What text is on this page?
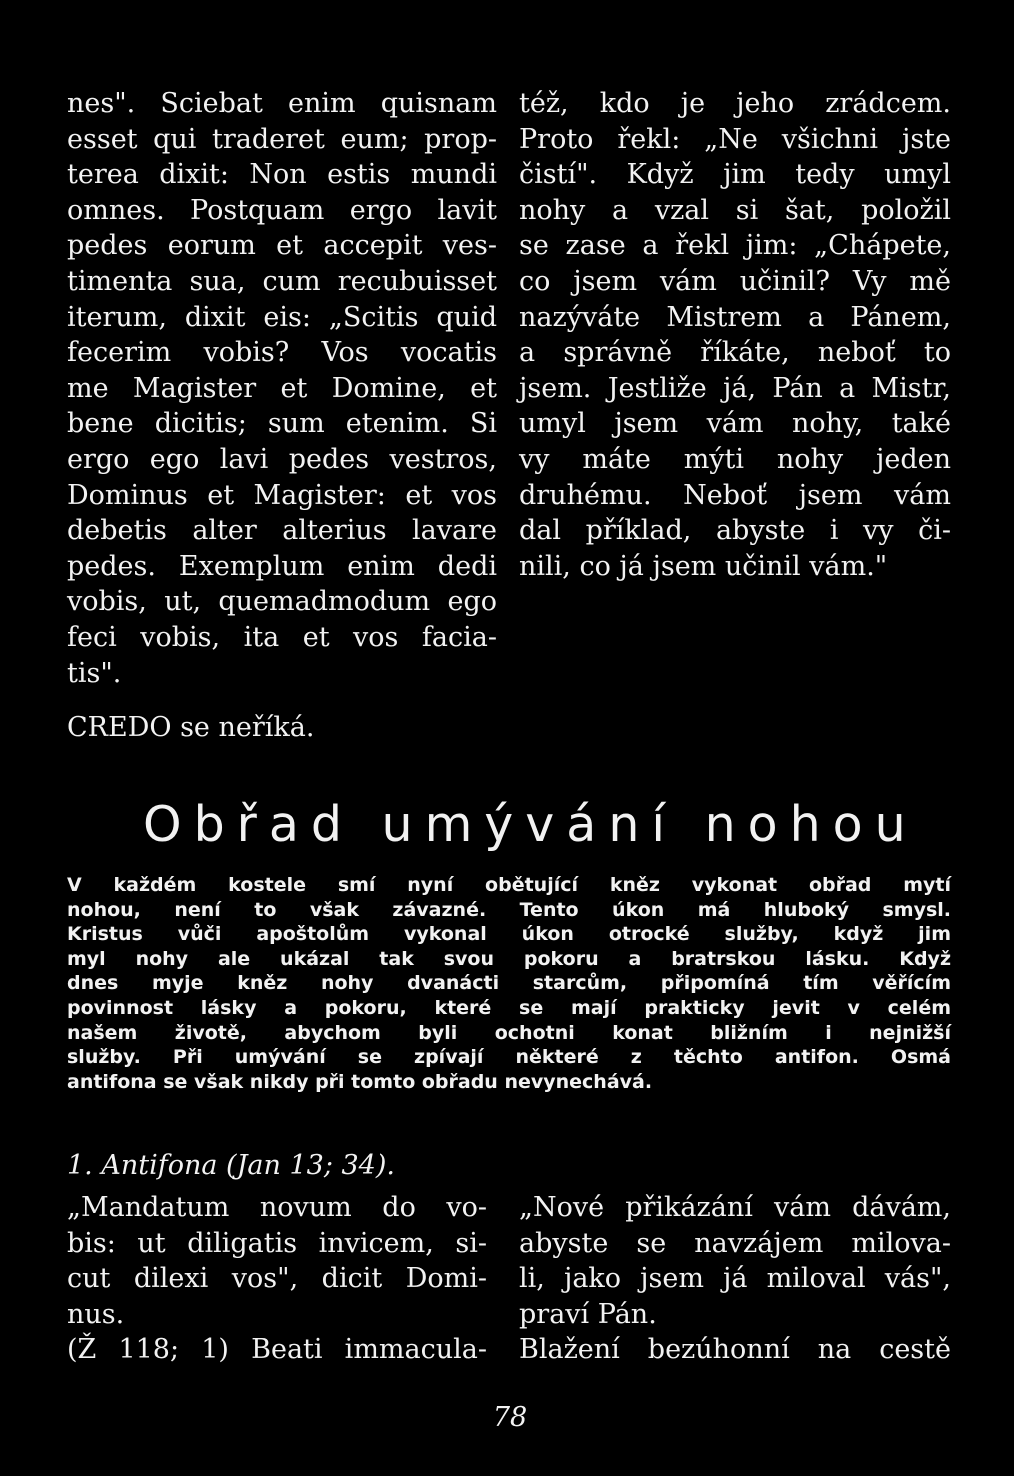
nes". Sciebat enim quisnam
esset qui traderet eum; prop-
terea dixit: Non estis mundi
omnes. Postquam ergo lavit
pedes eorum et accepit ves-
timenta sua, cum recubuisset
iterum, dixit eis: „Scitis quid
fecerim vobis? Vos vocatis
me Magister et Domine, et
bene dicitis; sum etenim. Si
ergo ego lavi pedes vestros,
Dominus et Magister: et vos
debetis alter alterius lavare
pedes. Exemplum enim dedi
vobis, ut, quemadmodum ego
feci vobis, ita et vos facia-
tis".
též, kdo je jeho zrádcem.
Proto řekl: „Ne všichni jste
čistí". Když jim tedy umyl
nohy a vzal si šat, položil
se zase a řekl jim: „Chápete,
co jsem vám učinil? Vy mě
nazýváte Mistrem a Pánem,
a správně říkáte, neboť to
jsem. Jestliže já, Pán a Mistr,
umyl jsem vám nohy, také
vy máte mýti nohy jeden
druhému. Neboť jsem vám
dal příklad, abyste i vy či-
nili, co já jsem učinil vám."
CREDO se neříká.
Obřad umývání nohou
V každém kostele smí nyní obětující kněz vykonat obřad mytí
nohou, není to však závazné. Tento úkon má hluboký smysl.
Kristus vůči apoštolům vykonal úkon otrocké služby, když jim
myl nohy ale ukázal tak svou pokoru a bratrskou lásku. Když
dnes myje kněz nohy dvanácti starcům, připomíná tím věřícím
povinnost lásky a pokoru, které se mají prakticky jevit v celém
našem životě, abychom byli ochotni konat bližním i nejnižší
služby. Při umývání se zpívají některé z těchto antifon. Osmá
antifona se však nikdy při tomto obřadu nevynechává.
1. Antifona (Jan 13; 34).
„Mandatum novum do vo-
bis: ut diligatis invicem, si-
cut dilexi vos", dicit Domi-
nus.
(Ž 118; 1) Beati immacula-
„Nové přikázání vám dávám,
abyste se navzájem milova-
li, jako jsem já miloval vás",
praví Pán.
Blažení bezúhonní na cestě
78
